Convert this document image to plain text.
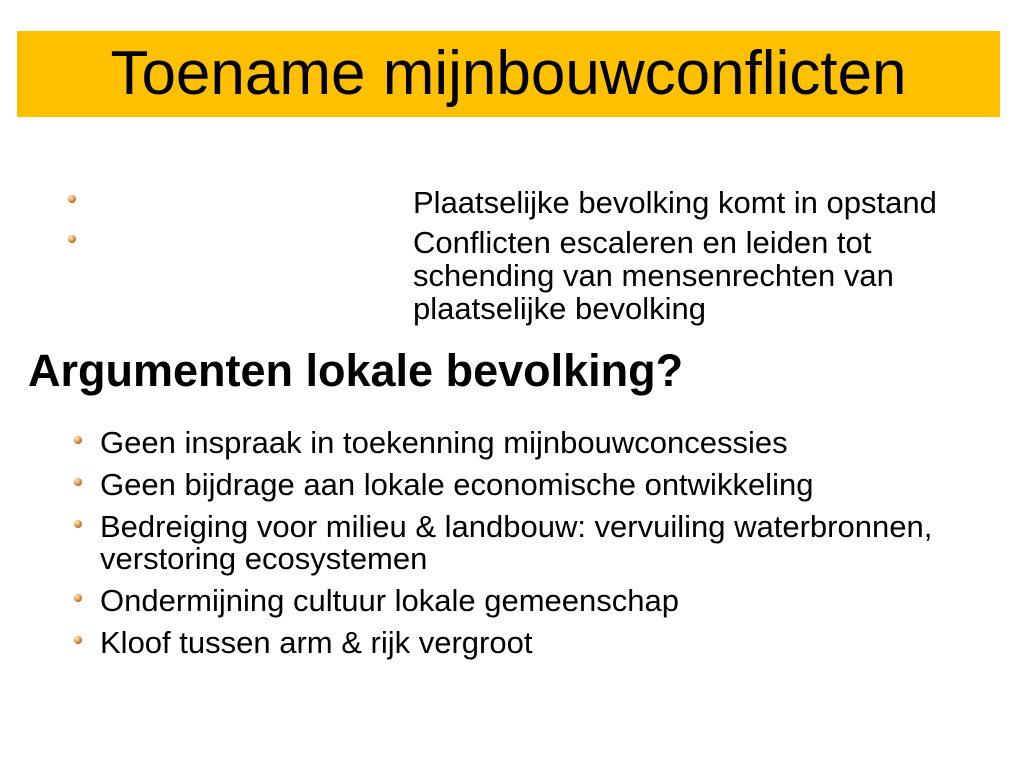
Toename mijnbouwconflicten
Plaatselijke bevolking komt in opstand
Conflicten escaleren en leiden tot schending van mensenrechten van plaatselijke bevolking
Argumenten lokale bevolking?
Geen inspraak in toekenning mijnbouwconcessies
Geen bijdrage aan lokale economische ontwikkeling
Bedreiging voor milieu & landbouw: vervuiling waterbronnen, verstoring ecosystemen
Ondermijning cultuur lokale gemeenschap
Kloof tussen arm & rijk vergroot
